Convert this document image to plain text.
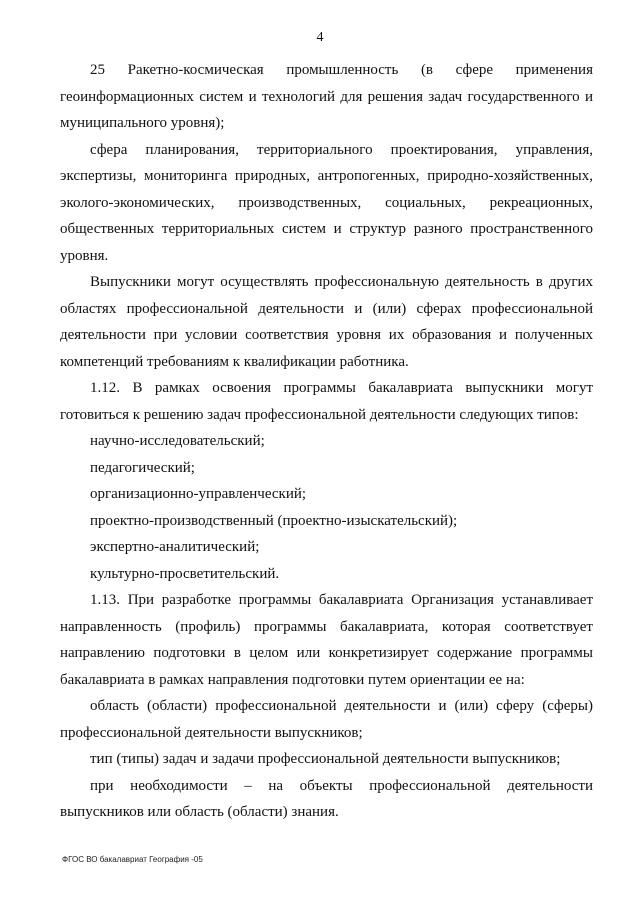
4

25 Ракетно-космическая промышленность (в сфере применения геоинформационных систем и технологий для решения задач государственного и муниципального уровня);

сфера планирования, территориального проектирования, управления, экспертизы, мониторинга природных, антропогенных, природно-хозяйственных, эколого-экономических, производственных, социальных, рекреационных, общественных территориальных систем и структур разного пространственного уровня.

Выпускники могут осуществлять профессиональную деятельность в других областях профессиональной деятельности и (или) сферах профессиональной деятельности при условии соответствия уровня их образования и полученных компетенций требованиям к квалификации работника.

1.12. В рамках освоения программы бакалавриата выпускники могут готовиться к решению задач профессиональной деятельности следующих типов:

научно-исследовательский;

педагогический;

организационно-управленческий;

проектно-производственный (проектно-изыскательский);

экспертно-аналитический;

культурно-просветительский.

1.13. При разработке программы бакалавриата Организация устанавливает направленность (профиль) программы бакалавриата, которая соответствует направлению подготовки в целом или конкретизирует содержание программы бакалавриата в рамках направления подготовки путем ориентации ее на:

область (области) профессиональной деятельности и (или) сферу (сферы) профессиональной деятельности выпускников;

тип (типы) задач и задачи профессиональной деятельности выпускников;

при необходимости – на объекты профессиональной деятельности выпускников или область (области) знания.

ФГОС ВО бакалавриат География -05
